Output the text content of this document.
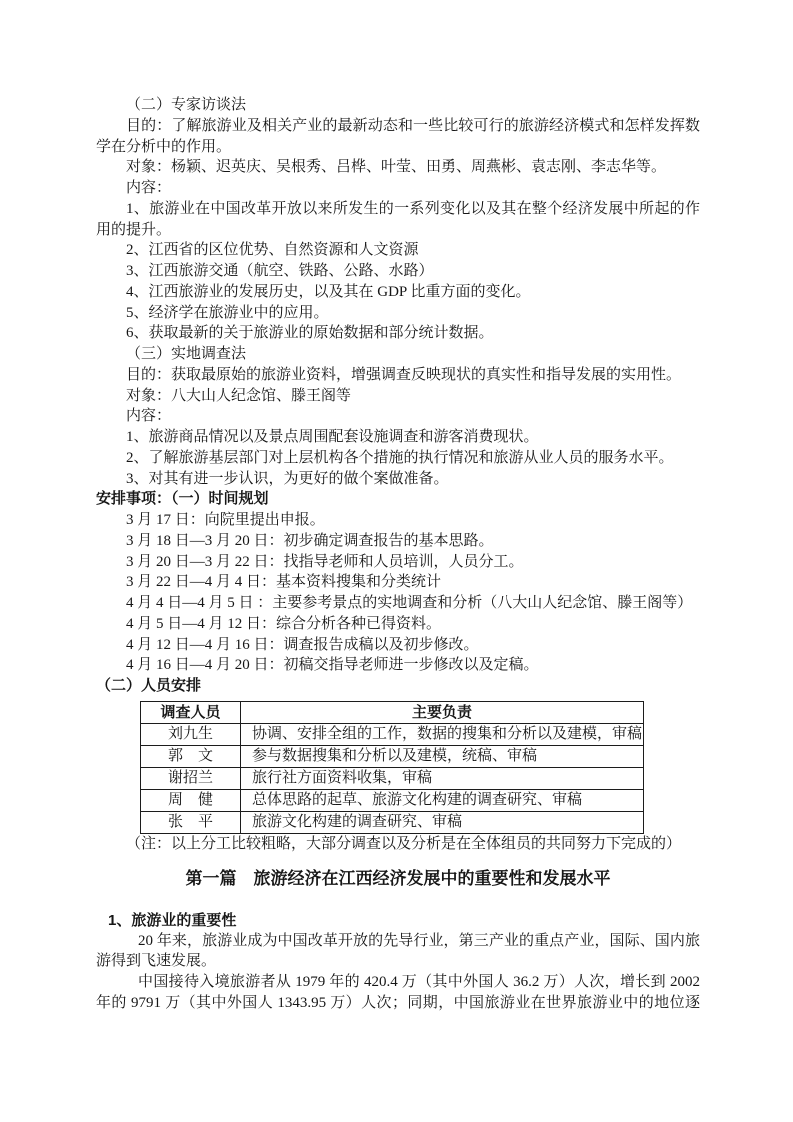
（二）专家访谈法
目的：了解旅游业及相关产业的最新动态和一些比较可行的旅游经济模式和怎样发挥数
学在分析中的作用。
对象：杨颖、迟英庆、吴根秀、吕桦、叶莹、田勇、周燕彬、袁志刚、李志华等。
内容：
1、旅游业在中国改革开放以来所发生的一系列变化以及其在整个经济发展中所起的作
用的提升。
2、江西省的区位优势、自然资源和人文资源
3、江西旅游交通（航空、铁路、公路、水路）
4、江西旅游业的发展历史，以及其在 GDP 比重方面的变化。
5、经济学在旅游业中的应用。
6、获取最新的关于旅游业的原始数据和部分统计数据。
（三）实地调查法
目的：获取最原始的旅游业资料，增强调查反映现状的真实性和指导发展的实用性。
对象：八大山人纪念馆、滕王阁等
内容：
1、旅游商品情况以及景点周围配套设施调查和游客消费现状。
2、了解旅游基层部门对上层机构各个措施的执行情况和旅游从业人员的服务水平。
3、对其有进一步认识，为更好的做个案做准备。
安排事项：（一）时间规划
3 月 17 日：向院里提出申报。
3 月 18 日—3 月 20 日：初步确定调查报告的基本思路。
3 月 20 日—3 月 22 日：找指导老师和人员培训，人员分工。
3 月 22 日—4 月 4 日：基本资料搜集和分类统计
4 月 4 日—4 月 5 日 ：主要参考景点的实地调查和分析（八大山人纪念馆、滕王阁等）
4 月 5 日—4 月 12 日：综合分析各种已得资料。
4 月 12 日—4 月 16 日：调查报告成稿以及初步修改。
4 月 16 日—4 月 20 日：初稿交指导老师进一步修改以及定稿。
（二）人员安排
调查人员	主要负责
刘九生	协调、安排全组的工作，数据的搜集和分析以及建模，审稿
郭　文	参与数据搜集和分析以及建模，统稿、审稿
谢招兰	旅行社方面资料收集，审稿
周　健	总体思路的起草、旅游文化构建的调查研究、审稿
张　平	旅游文化构建的调查研究、审稿
（注：以上分工比较粗略，大部分调查以及分析是在全体组员的共同努力下完成的）
第一篇　旅游经济在江西经济发展中的重要性和发展水平
1、旅游业的重要性
20 年来，旅游业成为中国改革开放的先导行业，第三产业的重点产业，国际、国内旅
游得到飞速发展。
中国接待入境旅游者从 1979 年的 420.4 万（其中外国人 36.2 万）人次，增长到 2002
年的 9791 万（其中外国人 1343.95 万）人次；同期，中国旅游业在世界旅游业中的地位逐
